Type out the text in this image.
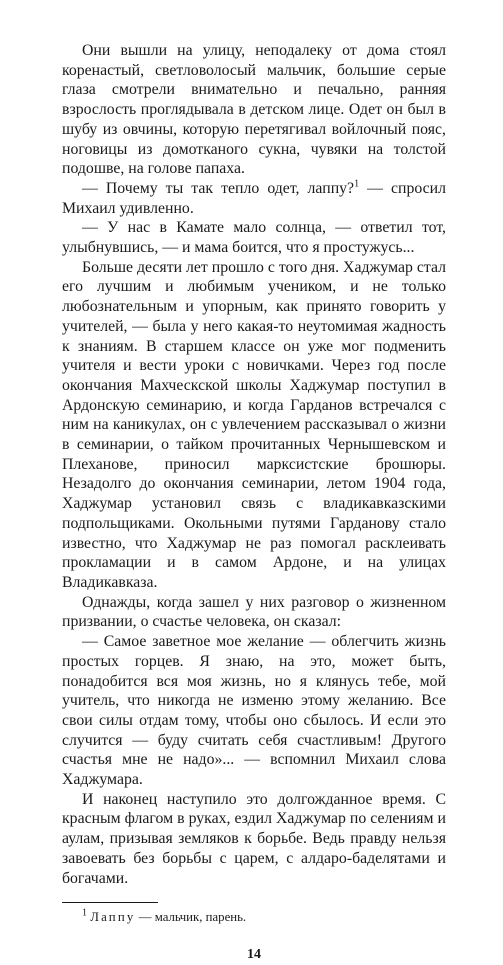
Они вышли на улицу, неподалеку от дома стоял коренастый, светловолосый мальчик, большие серые глаза смотрели внимательно и печально, ранняя взрослость проглядывала в детском лице. Одет он был в шубу из овчины, которую перетягивал войлочный пояс, ноговицы из домотканого сукна, чувяки на толстой подошве, на голове папаха.

— Почему ты так тепло одет, лаппу?$^1$ — спросил Михаил удивленно.

— У нас в Камате мало солнца, — ответил тот, улыбнувшись, — и мама боится, что я простужусь...

Больше десяти лет прошло с того дня. Хаджумар стал его лучшим и любимым учеником, и не только любознательным и упорным, как принято говорить у учителей, — была у него какая-то неутомимая жадность к знаниям. В старшем классе он уже мог подменить учителя и вести уроки с новичками. Через год после окончания Махческской школы Хаджумар поступил в Ардонскую семинарию, и когда Гарданов встречался с ним на каникулах, он с увлечением рассказывал о жизни в семинарии, о тайком прочитанных Чернышевском и Плеханове, приносил марксистские брошюры. Незадолго до окончания семинарии, летом 1904 года, Хаджумар установил связь с владикавказскими подпольщиками. Окольными путями Гарданову стало известно, что Хаджумар не раз помогал расклеивать прокламации и в самом Ардоне, и на улицах Владикавказа.

Однажды, когда зашел у них разговор о жизненном призвании, о счастье человека, он сказал:

— Самое заветное мое желание — облегчить жизнь простых горцев. Я знаю, на это, может быть, понадобится вся моя жизнь, но я клянусь тебе, мой учитель, что никогда не изменю этому желанию. Все свои силы отдам тому, чтобы оно сбылось. И если это случится — буду считать себя счастливым! Другого счастья мне не надо»... — вспомнил Михаил слова Хаджумара.

И наконец наступило это долгожданное время. С красным флагом в руках, ездил Хаджумар по селениям и аулам, призывая земляков к борьбе. Ведь правду нельзя завоевать без борьбы с царем, с алдаро-баделятами и богачами.

$^1$ Лаппу — мальчик, парень.

14
